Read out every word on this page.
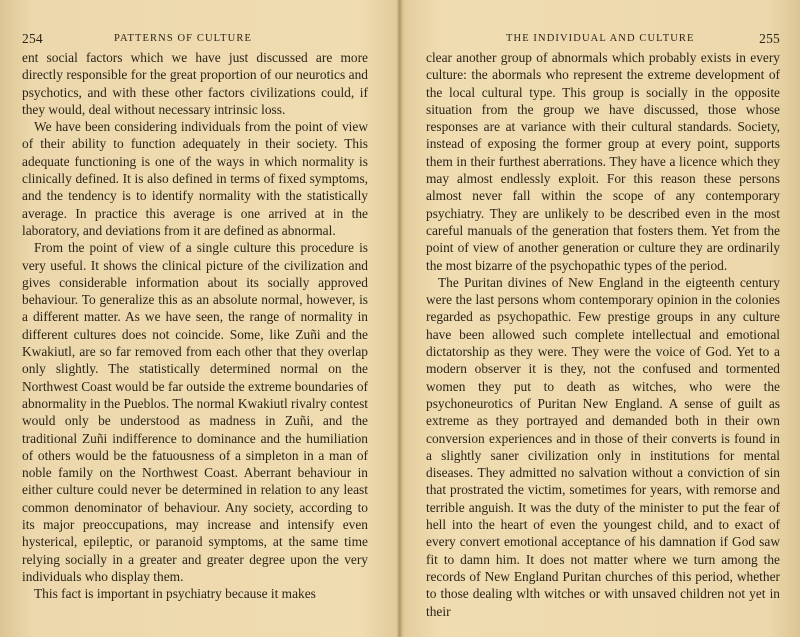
254	PATTERNS OF CULTURE

ent social factors which we have just discussed are more directly responsible for the great proportion of our neurotics and psychotics, and with these other factors civilizations could, if they would, deal without necessary intrinsic loss.

We have been considering individuals from the point of view of their ability to function adequately in their society. This adequate functioning is one of the ways in which normality is clinically defined. It is also defined in terms of fixed symptoms, and the tendency is to identify normality with the statistically average. In practice this average is one arrived at in the laboratory, and deviations from it are defined as abnormal.

From the point of view of a single culture this procedure is very useful. It shows the clinical picture of the civilization and gives considerable information about its socially approved behaviour. To generalize this as an absolute normal, however, is a different matter. As we have seen, the range of normality in different cultures does not coincide. Some, like Zuñi and the Kwakiutl, are so far removed from each other that they overlap only slightly. The statistically determined normal on the Northwest Coast would be far outside the extreme boundaries of abnormality in the Pueblos. The normal Kwakiutl rivalry contest would only be understood as madness in Zuñi, and the traditional Zuñi indifference to dominance and the humiliation of others would be the fatuousness of a simpleton in a man of noble family on the Northwest Coast. Aberrant behaviour in either culture could never be determined in relation to any least common denominator of behaviour. Any society, according to its major preoccupations, may increase and intensify even hysterical, epileptic, or paranoid symptoms, at the same time relying socially in a greater and greater degree upon the very individuals who display them.

This fact is important in psychiatry because it makes

THE INDIVIDUAL AND CULTURE	255

clear another group of abnormals which probably exists in every culture: the abormals who represent the extreme development of the local cultural type. This group is socially in the opposite situation from the group we have discussed, those whose responses are at variance with their cultural standards. Society, instead of exposing the former group at every point, supports them in their furthest aberrations. They have a licence which they may almost endlessly exploit. For this reason these persons almost never fall within the scope of any contemporary psychiatry. They are unlikely to be described even in the most careful manuals of the generation that fosters them. Yet from the point of view of another generation or culture they are ordinarily the most bizarre of the psychopathic types of the period.

The Puritan divines of New England in the eigteenth century were the last persons whom contemporary opinion in the colonies regarded as psychopathic. Few prestige groups in any culture have been allowed such complete intellectual and emotional dictatorship as they were. They were the voice of God. Yet to a modern observer it is they, not the confused and tormented women they put to death as witches, who were the psychoneurotics of Puritan New England. A sense of guilt as extreme as they portrayed and demanded both in their own conversion experiences and in those of their converts is found in a slightly saner civilization only in institutions for mental diseases. They admitted no salvation without a conviction of sin that prostrated the victim, sometimes for years, with remorse and terrible anguish. It was the duty of the minister to put the fear of hell into the heart of even the youngest child, and to exact of every convert emotional acceptance of his damnation if God saw fit to damn him. It does not matter where we turn among the records of New England Puritan churches of this period, whether to those dealing wlth witches or with unsaved children not yet in their
